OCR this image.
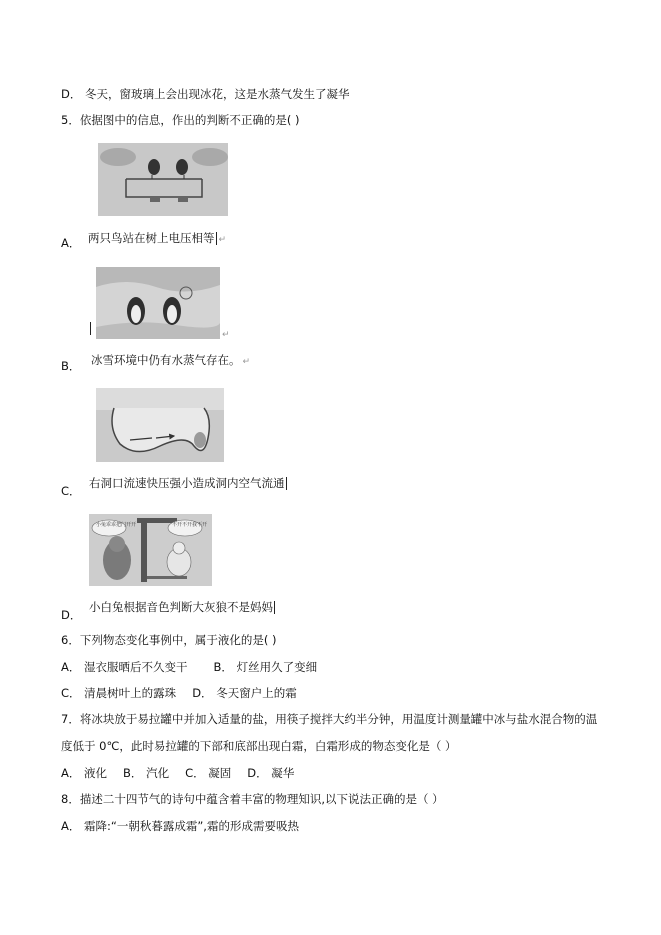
D． 冬天，窗玻璃上会出现冰花，这是水蒸气发生了凝华
5．依据图中的信息，作出的判断不正确的是( )
两只鸟站在树上电压相等 ↵
A．
↵
冰雪环境中仍有水蒸气存在。 ↵
B．
右洞口流速快压强小造成洞内空气流通
C．
小兔乖乖把门开开	不开不开我不开
小白兔根据音色判断大灰狼不是妈妈
D．
6．下列物态变化事例中，属于液化的是( )
A． 湿衣服晒后不久变干 B． 灯丝用久了变细
C． 清晨树叶上的露珠 D． 冬天窗户上的霜
7．将冰块放于易拉罐中并加入适量的盐，用筷子搅拌大约半分钟，用温度计测量罐中冰与盐水混合物的温
度低于 0℃，此时易拉罐的下部和底部出现白霜，白霜形成的物态变化是（ ）
A． 液化 B． 汽化 C． 凝固 D． 凝华
8．描述二十四节气的诗句中蕴含着丰富的物理知识,以下说法正确的是（ ）
A． 霜降:“一朝秋暮露成霜”,霜的形成需要吸热
